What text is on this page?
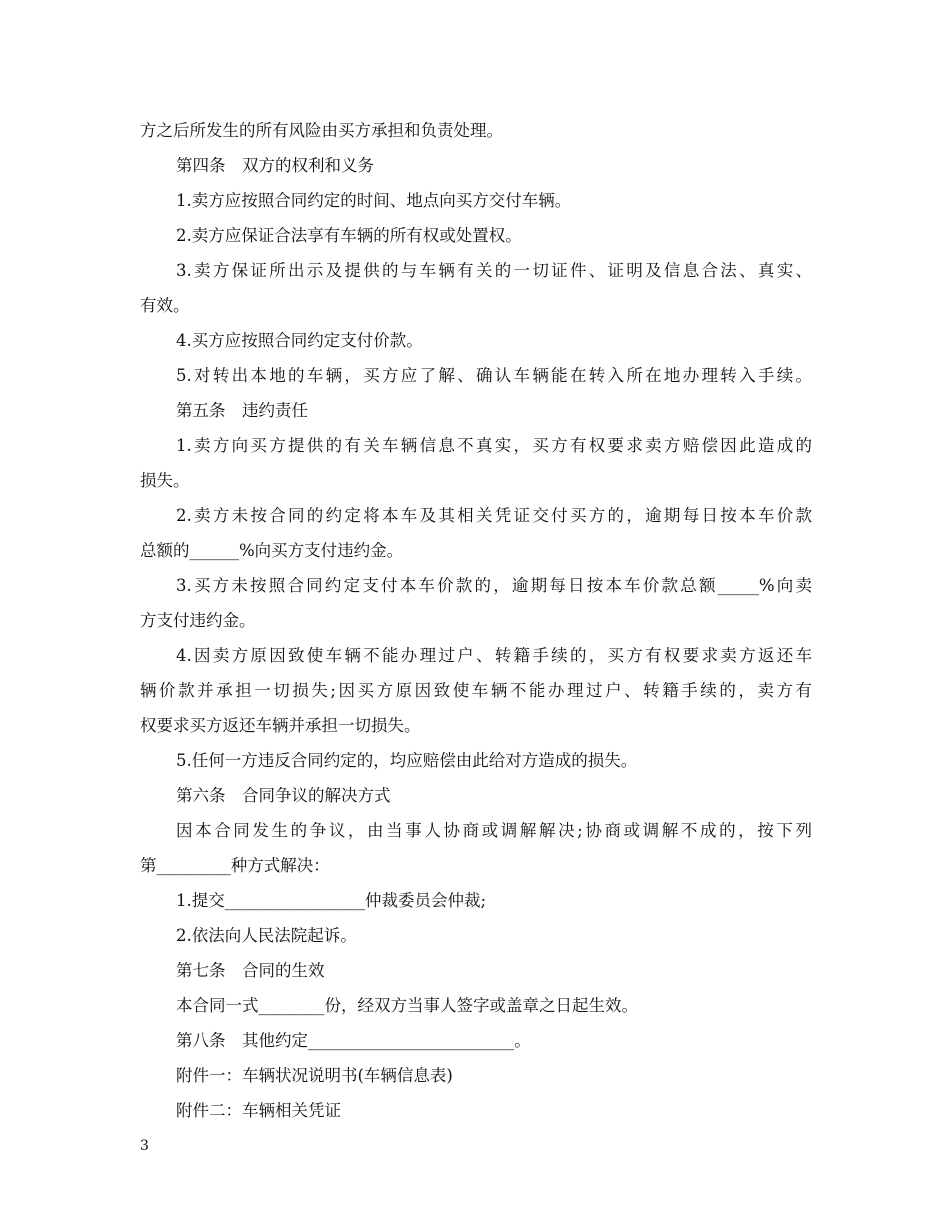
方之后所发生的所有风险由买方承担和负责处理。

第四条　双方的权利和义务

1.卖方应按照合同约定的时间、地点向买方交付车辆。

2.卖方应保证合法享有车辆的所有权或处置权。

3.卖方保证所出示及提供的与车辆有关的一切证件、证明及信息合法、真实、

有效。

4.买方应按照合同约定支付价款。

5.对转出本地的车辆，买方应了解、确认车辆能在转入所在地办理转入手续。

第五条　违约责任

1.卖方向买方提供的有关车辆信息不真实，买方有权要求卖方赔偿因此造成的

损失。

2.卖方未按合同的约定将本车及其相关凭证交付买方的，逾期每日按本车价款

总额的______%向买方支付违约金。

3.买方未按照合同约定支付本车价款的，逾期每日按本车价款总额_____%向卖

方支付违约金。

4.因卖方原因致使车辆不能办理过户、转籍手续的，买方有权要求卖方返还车

辆价款并承担一切损失;因买方原因致使车辆不能办理过户、转籍手续的，卖方有

权要求买方返还车辆并承担一切损失。

5.任何一方违反合同约定的，均应赔偿由此给对方造成的损失。

第六条　合同争议的解决方式

因本合同发生的争议，由当事人协商或调解解决;协商或调解不成的，按下列

第_________种方式解决：

1.提交_________________仲裁委员会仲裁;

2.依法向人民法院起诉。

第七条　合同的生效

本合同一式________份，经双方当事人签字或盖章之日起生效。

第八条　其他约定_________________________。

附件一：车辆状况说明书(车辆信息表)

附件二：车辆相关凭证

3
